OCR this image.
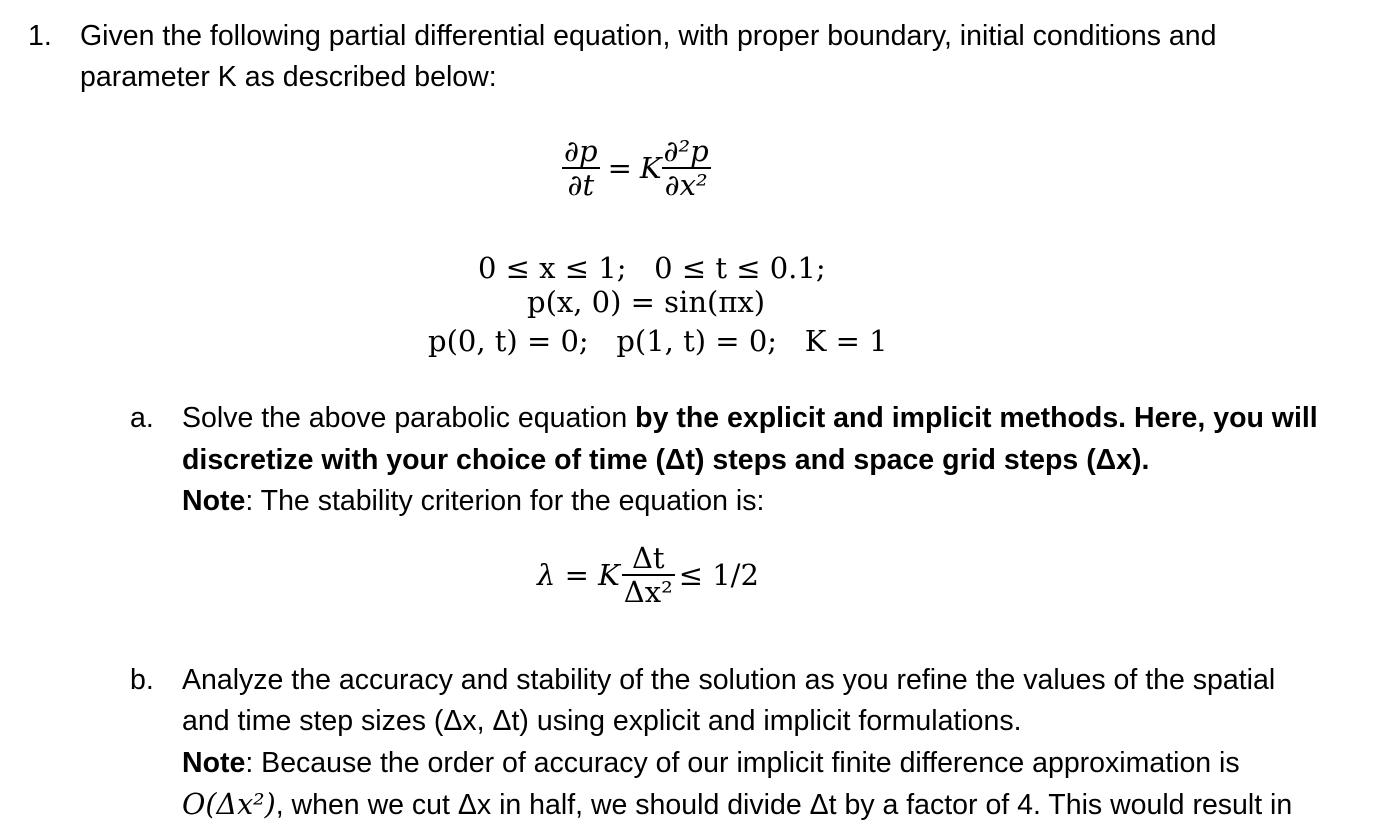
1. Given the following partial differential equation, with proper boundary, initial conditions and
parameter K as described below:
$\frac{\partial p}{\partial t} = K \frac{\text{∂²p}}{\text{∂x²}}$
0 ≤ x ≤ 1;   0 ≤ t ≤ 0.1;
p(x, 0) = sin(πx)
p(0, t) = 0;   p(1, t) = 0;   K = 1
a. Solve the above parabolic equation by the explicit and implicit methods. Here, you will
discretize with your choice of time (Δt) steps and space grid steps (Δx).
Note: The stability criterion for the equation is:
λ = K $\frac{\Delta t}{\text{Δx²}} \le 1/2$
b. Analyze the accuracy and stability of the solution as you refine the values of the spatial
and time step sizes (Δx, Δt) using explicit and implicit formulations.
Note: Because the order of accuracy of our implicit finite difference approximation is
O(Δx²), when we cut Δx in half, we should divide Δt by a factor of 4. This would result in
